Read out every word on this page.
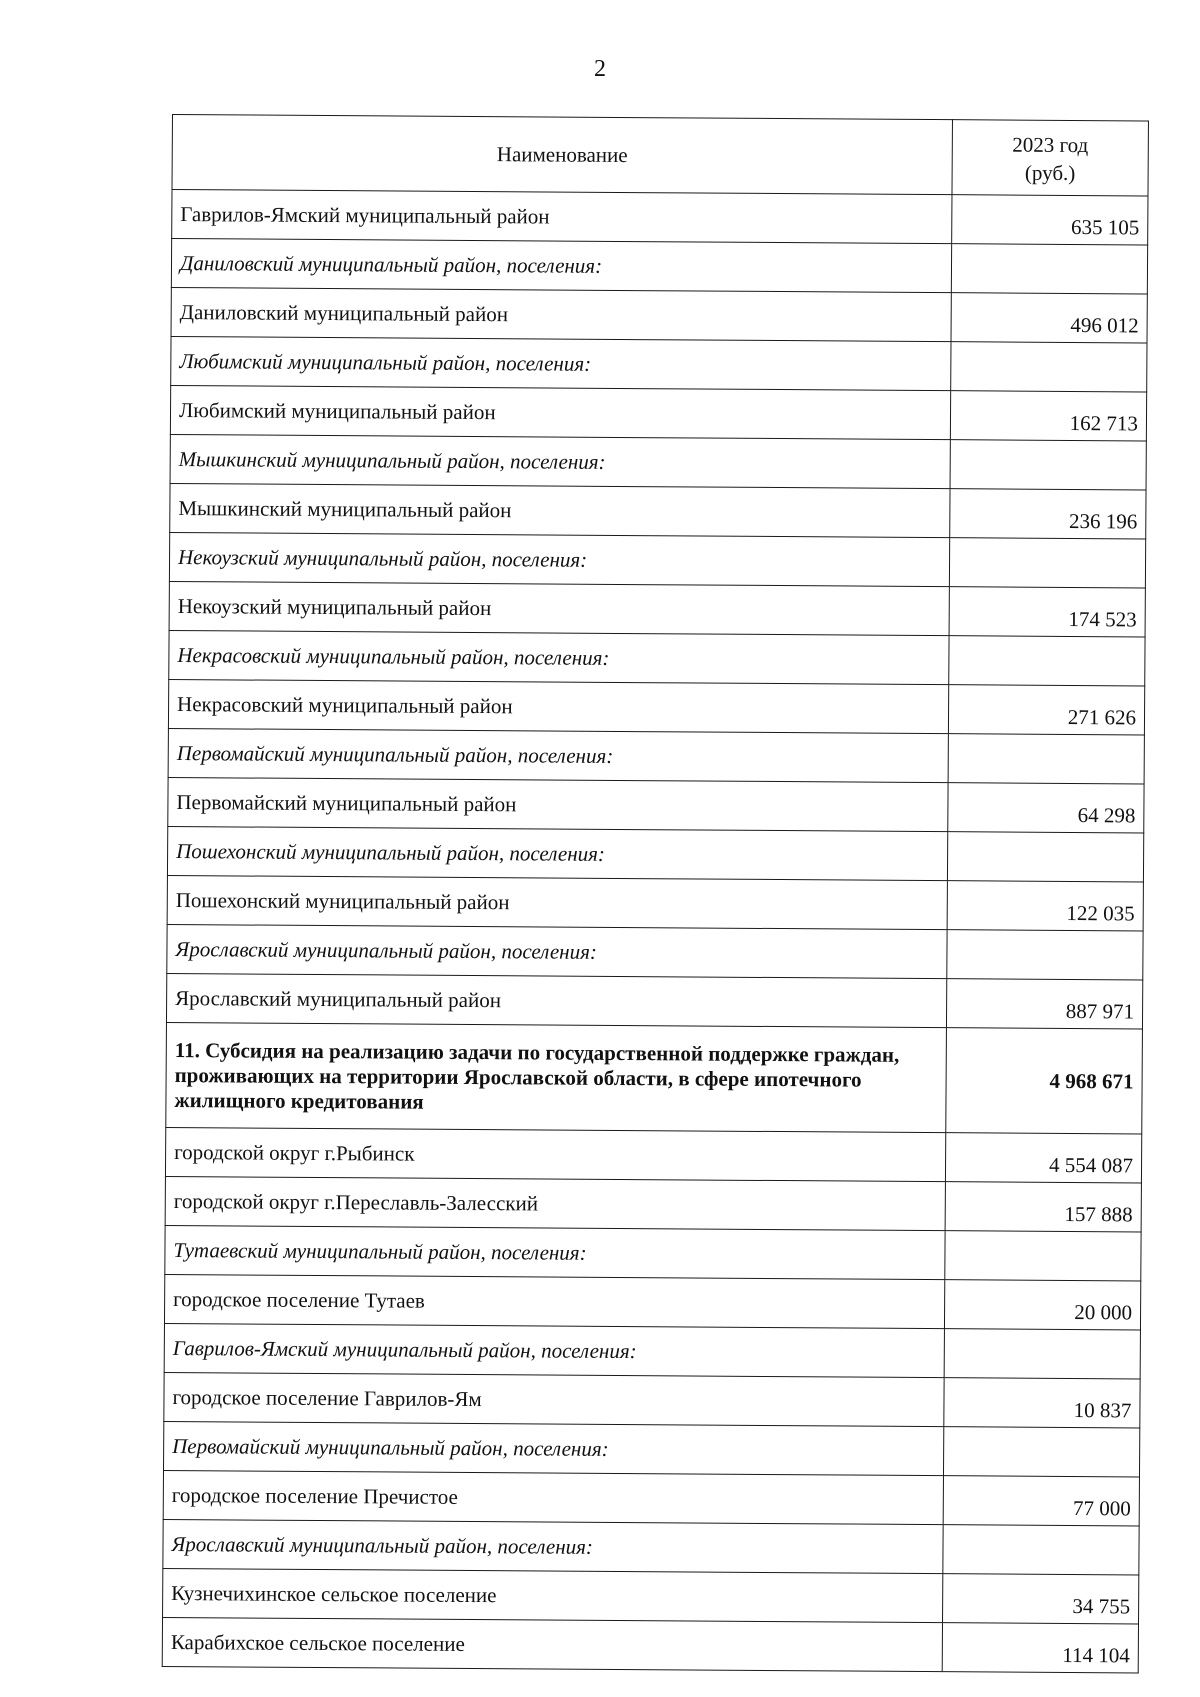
2
Наименование	2023 год
(руб.)

Гаврилов-Ямский муниципальный район	635 105
Даниловский муниципальный район, поселения:	
Даниловский муниципальный район	496 012
Любимский муниципальный район, поселения:	
Любимский муниципальный район	162 713
Мышкинский муниципальный район, поселения:	
Мышкинский муниципальный район	236 196
Некоузский муниципальный район, поселения:	
Некоузский муниципальный район	174 523
Некрасовский муниципальный район, поселения:	
Некрасовский муниципальный район	271 626
Первомайский муниципальный район, поселения:	
Первомайский муниципальный район	64 298
Пошехонский муниципальный район, поселения:	
Пошехонский муниципальный район	122 035
Ярославский муниципальный район, поселения:	
Ярославский муниципальный район	887 971
11. Субсидия на реализацию задачи по государственной поддержке граждан, проживающих на территории Ярославской области, в сфере ипотечного жилищного кредитования	4 968 671
городской округ г.Рыбинск	4 554 087
городской округ г.Переславль-Залесский	157 888
Тутаевский муниципальный район, поселения:	
городское поселение Тутаев	20 000
Гаврилов-Ямский муниципальный район, поселения:	
городское поселение Гаврилов-Ям	10 837
Первомайский муниципальный район, поселения:	
городское поселение Пречистое	77 000
Ярославский муниципальный район, поселения:	
Кузнечихинское сельское поселение	34 755
Карабихское сельское поселение	114 104
